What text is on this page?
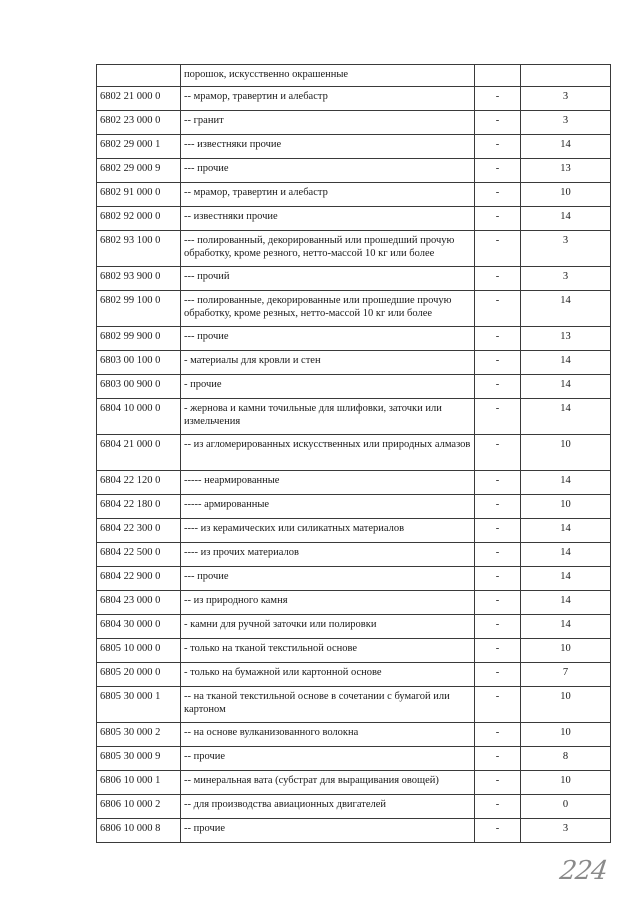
	порошок, искусственно окрашенные		
6802 21 000 0	-- мрамор, травертин и алебастр	-	3
6802 23 000 0	-- гранит	-	3
6802 29 000 1	--- известняки прочие	-	14
6802 29 000 9	--- прочие	-	13
6802 91 000 0	-- мрамор, травертин и алебастр	-	10
6802 92 000 0	-- известняки прочие	-	14
6802 93 100 0	--- полированный, декорированный или прошедший прочую обработку, кроме резного, нетто-массой 10 кг или более	-	3
6802 93 900 0	--- прочий	-	3
6802 99 100 0	--- полированные, декорированные или прошедшие прочую обработку, кроме резных, нетто-массой 10 кг или более	-	14
6802 99 900 0	--- прочие	-	13
6803 00 100 0	- материалы для кровли и стен	-	14
6803 00 900 0	- прочие	-	14
6804 10 000 0	- жернова и камни точильные для шлифовки, заточки или измельчения	-	14
6804 21 000 0	-- из агломерированных искусственных или природных алмазов	-	10
6804 22 120 0	----- неармированные	-	14
6804 22 180 0	----- армированные	-	10
6804 22 300 0	---- из керамических или силикатных материалов	-	14
6804 22 500 0	---- из прочих материалов	-	14
6804 22 900 0	--- прочие	-	14
6804 23 000 0	-- из природного камня	-	14
6804 30 000 0	- камни для ручной заточки или полировки	-	14
6805 10 000 0	- только на тканой текстильной основе	-	10
6805 20 000 0	- только на бумажной или картонной основе	-	7
6805 30 000 1	-- на тканой текстильной основе в сочетании с бумагой или картоном	-	10
6805 30 000 2	-- на основе вулканизованного волокна	-	10
6805 30 000 9	-- прочие	-	8
6806 10 000 1	-- минеральная вата (субстрат для выращивания овощей)	-	10
6806 10 000 2	-- для производства авиационных двигателей	-	0
6806 10 000 8	-- прочие	-	3
224
